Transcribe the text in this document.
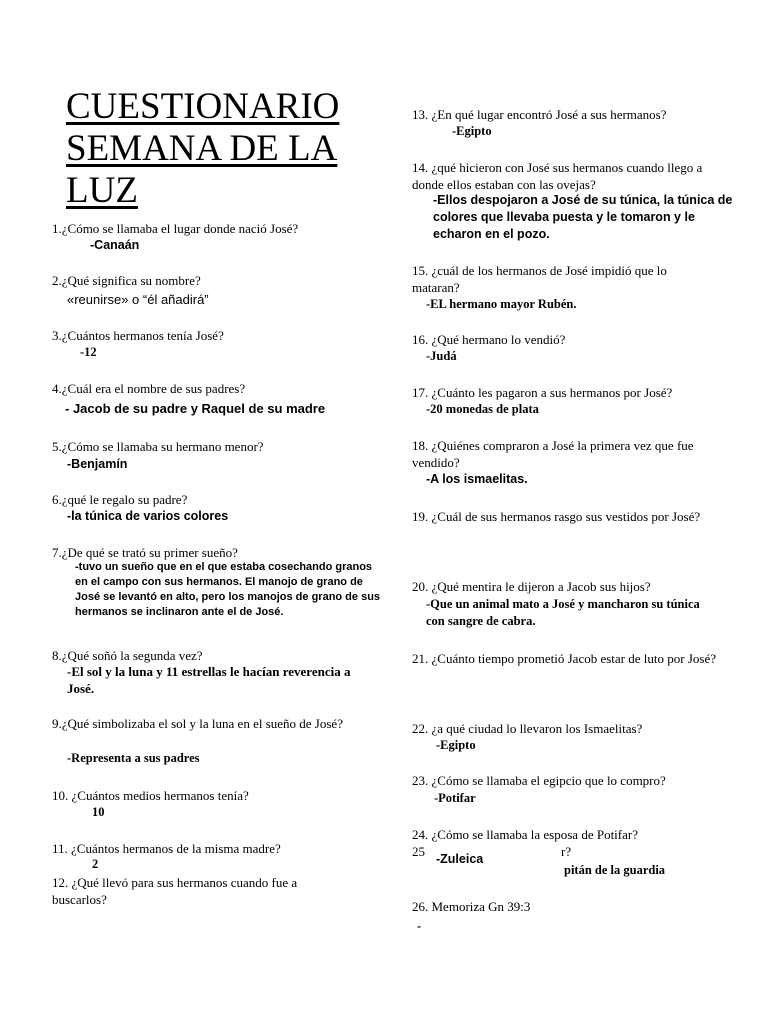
CUESTIONARIO SEMANA DE LA LUZ
1.¿Cómo se llamaba el lugar donde nació José?
-Canaán
2.¿Qué significa su nombre?
«reunirse» o “él añadirá”
3.¿Cuántos hermanos tenía José?
-12
4.¿Cuál era el nombre de sus padres?
- Jacob de su padre y Raquel de su madre
5.¿Cómo se llamaba su hermano menor?
-Benjamín
6.¿qué le regalo su padre?
-la túnica de varios colores
7.¿De qué se trató su primer sueño?
-tuvo un sueño que en el que estaba cosechando granos en el campo con sus hermanos. El manojo de grano de José se levantó en alto, pero los manojos de grano de sus hermanos se inclinaron ante el de José.
8.¿Qué soñó la segunda vez?
-El sol y la luna y 11 estrellas le hacían reverencia a José.
9.¿Qué simbolizaba el sol y la luna en el sueño de José?
-Representa a sus padres
10. ¿Cuántos medios hermanos tenía?
10
11. ¿Cuántos hermanos de la misma madre?
2
12. ¿Qué llevó para sus hermanos cuando fue a buscarlos?
13. ¿En qué lugar encontró José a sus hermanos?
-Egipto
14. ¿qué hicieron con José sus hermanos cuando llego a donde ellos estaban con las ovejas?
-Ellos despojaron a José de su túnica, la túnica de colores que llevaba puesta y le tomaron y le echaron en el pozo.
15. ¿cuál de los hermanos de José impidió que lo mataran?
-EL hermano mayor Rubén.
16. ¿Qué hermano lo vendió?
-Judá
17. ¿Cuánto les pagaron a sus hermanos por José?
-20 monedas de plata
18. ¿Quiénes compraron a José la primera vez que fue vendido?
-A los ismaelitas.
19. ¿Cuál de sus hermanos rasgo sus vestidos por José?
20. ¿Qué mentira le dijeron a Jacob sus hijos?
-Que un animal mato a José y mancharon su túnica con sangre de cabra.
21. ¿Cuánto tiempo prometió Jacob estar de luto por José?
22. ¿a qué ciudad lo llevaron los Ismaelitas?
-Egipto
23. ¿Cómo se llamaba el egipcio que lo compro?
-Potifar
24. ¿Cómo se llamaba la esposa de Potifar?
-Zuleica
25	r?
pitán de la guardia
26. Memoriza Gn 39:3
-
